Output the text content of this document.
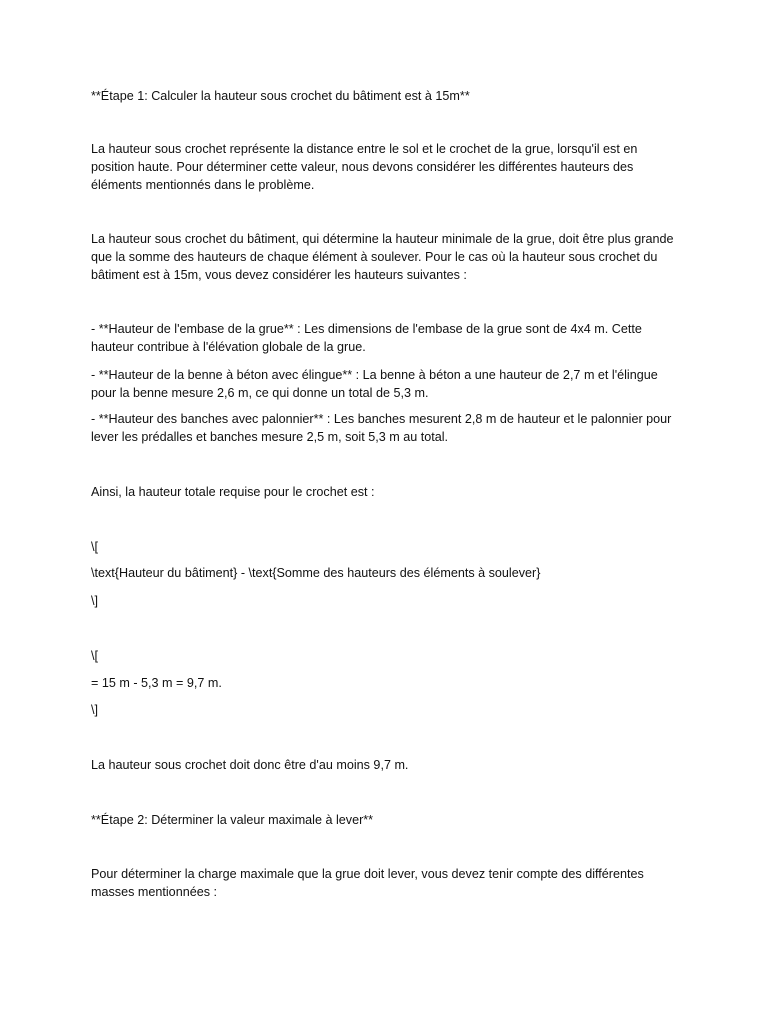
**Étape 1: Calculer la hauteur sous crochet du bâtiment est à 15m**

La hauteur sous crochet représente la distance entre le sol et le crochet de la grue, lorsqu'il est en position haute. Pour déterminer cette valeur, nous devons considérer les différentes hauteurs des éléments mentionnés dans le problème.

La hauteur sous crochet du bâtiment, qui détermine la hauteur minimale de la grue, doit être plus grande que la somme des hauteurs de chaque élément à soulever. Pour le cas où la hauteur sous crochet du bâtiment est à 15m, vous devez considérer les hauteurs suivantes :

- **Hauteur de l'embase de la grue** : Les dimensions de l'embase de la grue sont de 4x4 m. Cette hauteur contribue à l'élévation globale de la grue.

- **Hauteur de la benne à béton avec élingue** : La benne à béton a une hauteur de 2,7 m et l'élingue pour la benne mesure 2,6 m, ce qui donne un total de 5,3 m.

- **Hauteur des banches avec palonnier** : Les banches mesurent 2,8 m de hauteur et le palonnier pour lever les prédalles et banches mesure 2,5 m, soit 5,3 m au total.

Ainsi, la hauteur totale requise pour le crochet est :

\[

\text{Hauteur du bâtiment} - \text{Somme des hauteurs des éléments à soulever}

\]

\[

= 15 m - 5,3 m = 9,7 m.

\]

La hauteur sous crochet doit donc être d'au moins 9,7 m.

**Étape 2: Déterminer la valeur maximale à lever**

Pour déterminer la charge maximale que la grue doit lever, vous devez tenir compte des différentes masses mentionnées :
